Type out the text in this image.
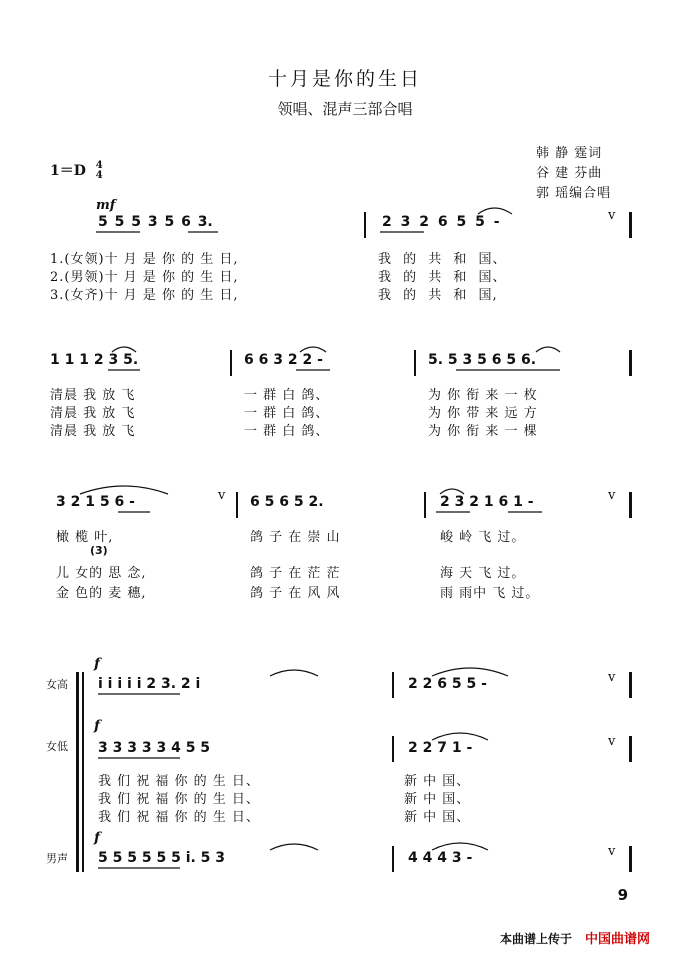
十月是你的生日
领唱、混声三部合唱
韩 静 霆词
谷 建 芬曲
郭 瑶编合唱
1＝D 4
4
mf
5 5 5 3 5 6 3.	2 3 2 6 5 5 -	v
1.(女领)十 月 是 你 的 生 日,	我 的 共 和 国、
2.(男领)十 月 是 你 的 生 日,	我 的 共 和 国、
3.(女齐)十 月 是 你 的 生 日,	我 的 共 和 国,
1 1 1 2 3 5.	6 6 3 2 2 -	5. 5 3 5 6 5 6.
清晨 我 放 飞	一 群 白 鸽、	为 你 衔 来 一 枚
清晨 我 放 飞	一 群 白 鸽、	为 你 带 来 远 方
清晨 我 放 飞	一 群 白 鸽、	为 你 衔 来 一 棵
3 2 1 5 6 -	v 6 5 6 5 2.	2 3 2 1 6 1 -	v
橄 榄 叶,	鸽 子 在 崇 山	峻 岭 飞 过。
(3)
儿 女的 思 念,	鸽 子 在 茫 茫	海 天 飞 过。
金 色的 麦 穗,	鸽 子 在 风 风	雨 雨中 飞 过。
女高
f
i i i i i 2 3. 2 i	2 2 6 5 5 -	v
女低
f
3 3 3 3 3 4 5 5	2 2 7 1 -	v
我 们 祝 福 你 的 生 日、	新 中 国、
我 们 祝 福 你 的 生 日、	新 中 国、
我 们 祝 福 你 的 生 日、	新 中 国、
男声
f
5 5 5 5 5 5 i. 5 3	4 4 4 3 -	v
9
本曲谱上传于 中国曲谱网
